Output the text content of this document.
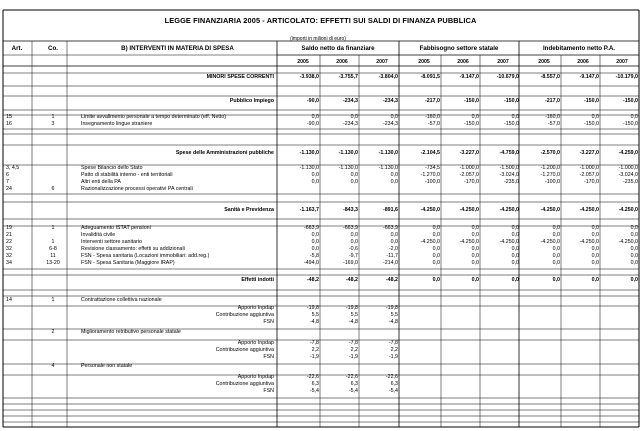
LEGGE FINANZIARIA 2005 - ARTICOLATO: EFFETTI SUI SALDI DI FINANZA PUBBLICA
(importi in milioni di euro)
Art.	Co.	B) INTERVENTI IN MATERIA DI SPESA	Saldo netto da finanziare	Fabbisogno settore statale	Indebitamento netto P.A.
2005	2006	2007	2005	2006	2007	2005	2006	2007
MINORI SPESE CORRENTI	-3.938,0	-3.755,7	-3.804,0	-8.091,5	-9.147,0	-10.679,0	-8.557,0	-9.147,0	-10.179,0
Pubblico Impiego	-90,0	-234,3	-234,3	-217,0	-150,0	-150,0	-217,0	-150,0	-150,0
15	1	Limite avvalimento personale a tempo determinato (eff. Netto)	0,0	0,0	0,0	-160,0	0,0	0,0	-160,0	0,0	0,0
16	3	Insegnamento lingue straniere	-90,0	-234,3	-234,3	-57,0	-150,0	-150,0	-57,0	-150,0	-150,0
Spese delle Amministrazioni pubbliche	-1.130,0	-1.130,0	-1.130,0	-2.104,5	-3.227,0	-4.759,0	-2.570,0	-3.227,0	-4.259,0
3, 4,5	Spese Bilancio dello Stato	-1.130,0	-1.130,0	-1.130,0	-734,5	-1.000,0	-1.500,0	-1.200,0	-1.000,0	-1.000,0
6	Patto di stabilità interno - enti territoriali	0,0	0,0	0,0	-1.270,0	-2.057,0	-3.024,0	-1.270,0	-2.057,0	-3.024,0
7	Altri enti della PA	0,0	0,0	0,0	-100,0	-170,0	-235,0	-100,0	-170,0	-235,0
24	6	Razionalizzazione processi operativi PA centrali
Sanità e Previdenza	-1.163,7	-843,3	-891,6	-4.250,0	-4.250,0	-4.250,0	-4.250,0	-4.250,0	-4.250,0
19	1	Adeguamento ISTAT pensioni	-663,9	-663,9	-663,9	0,0	0,0	0,0	0,0	0,0	0,0
21	Invalidità civile	0,0	0,0	0,0	0,0	0,0	0,0	0,0	0,0	0,0
22	1	Interventi settore sanitario	0,0	0,0	0,0	-4.250,0	-4.250,0	-4.250,0	-4.250,0	-4.250,0	-4.250,0
32	6-8	Revisione classamento: effetti su addizionali	0,0	-0,6	-2,0	0,0	0,0	0,0	0,0	0,0	0,0
32	11	FSN - Spesa sanitaria (Locazioni immobiliari: add.reg.)	-5,8	-9,7	-11,7	0,0	0,0	0,0	0,0	0,0	0,0
34	13-20	FSN - Spesa Sanitaria (Maggiore IRAP)	-494,0	-169,0	-214,0	0,0	0,0	0,0	0,0	0,0	0,0
Effetti indotti	-48,2	-48,2	-48,2	0,0	0,0	0,0	0,0	0,0	0,0
14	1	Contrattazione collettiva nazionale
Apporto Inpdap	-19,8	-19,8	-19,8
Contribuzione aggiuntiva	5,5	5,5	5,5
FSN	-4,8	-4,8	-4,8
2	Miglioramento retributivo personale statale
Apporto Inpdap	-7,8	-7,8	-7,8
Contribuzione aggiuntiva	2,2	2,2	2,2
FSN	-1,9	-1,9	-1,9
4	Personale non statale
Apporto Inpdap	-22,6	-22,6	-22,6
Contribuzione aggiuntiva	6,3	6,3	6,3
FSN	-5,4	-5,4	-5,4
